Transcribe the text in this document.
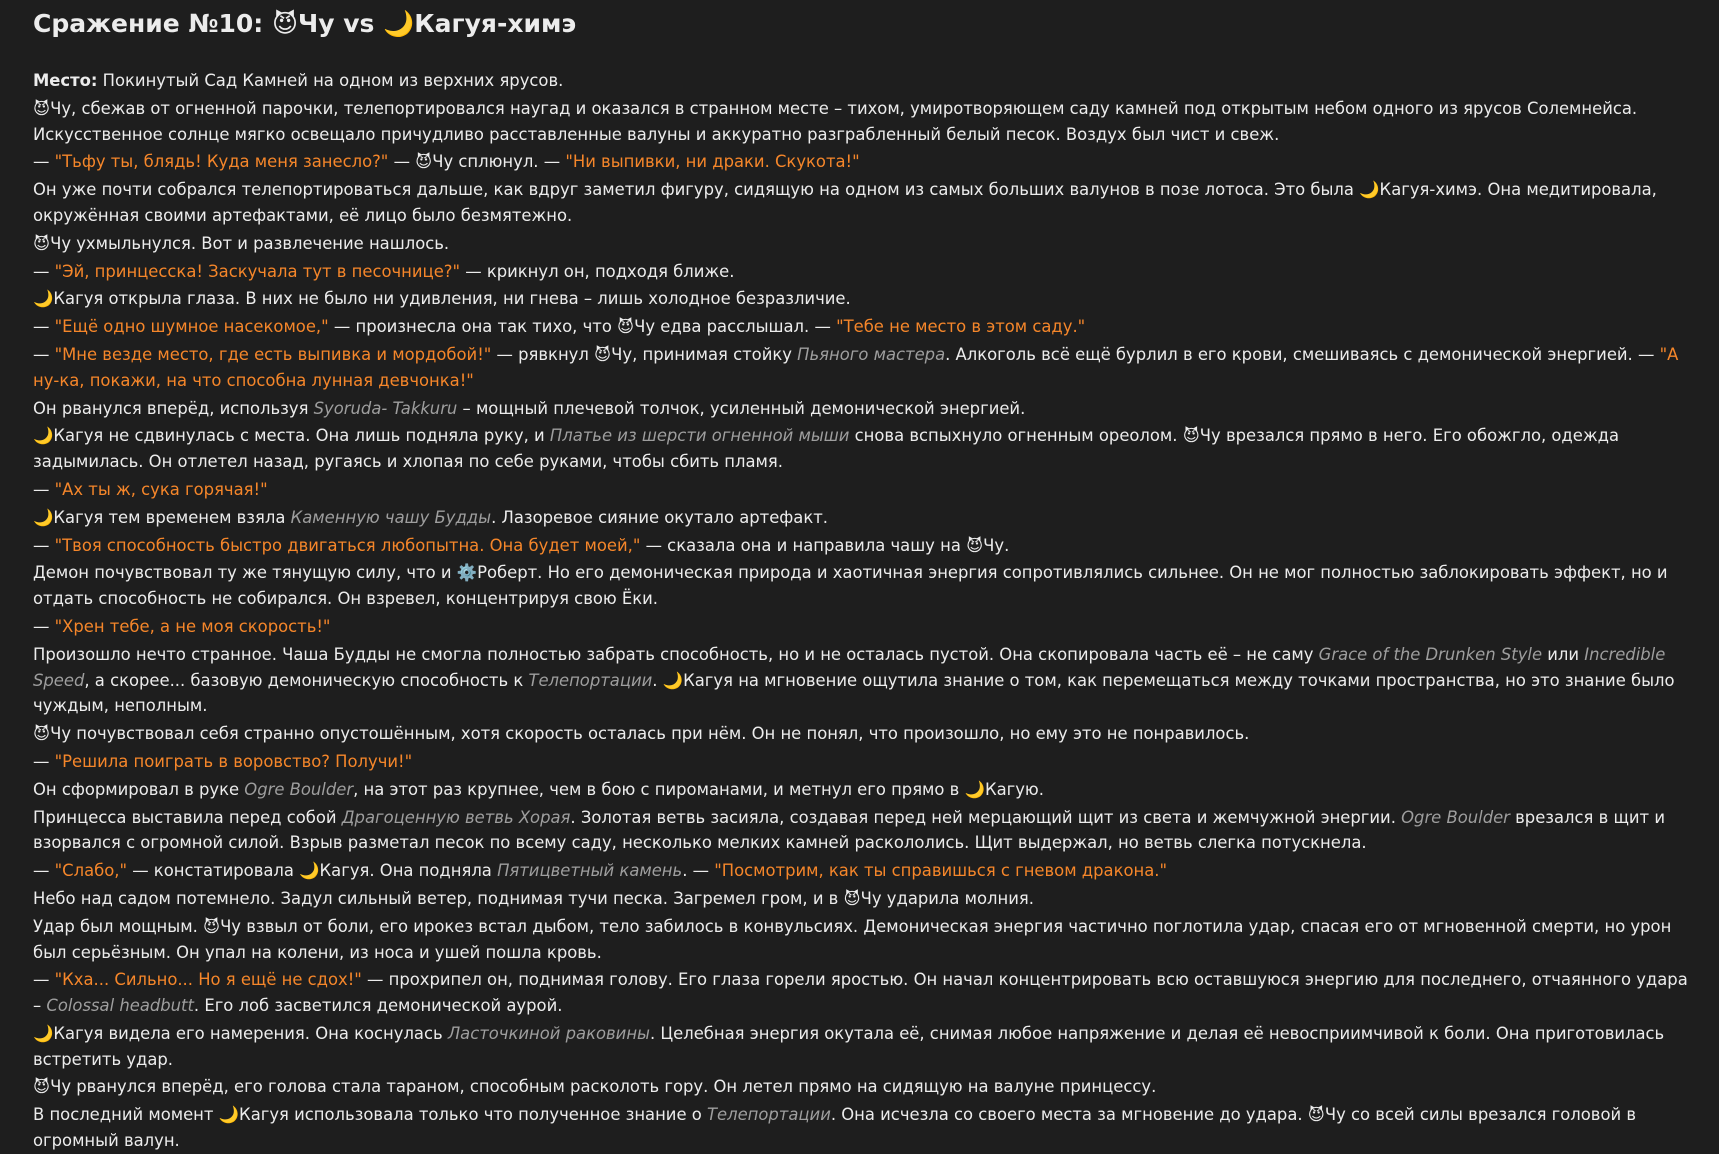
Сражение №10: 😈Чу vs 🌙Кагуя-химэ
Место: Покинутый Сад Камней на одном из верхних ярусов.
😈Чу, сбежав от огненной парочки, телепортировался наугад и оказался в странном месте – тихом, умиротворяющем саду камней под открытым небом одного из ярусов Солемнейса. Искусственное солнце мягко освещало причудливо расставленные валуны и аккуратно разграбленный белый песок. Воздух был чист и свеж.
— "Тьфу ты, блядь! Куда меня занесло?" — 😈Чу сплюнул. — "Ни выпивки, ни драки. Скукота!"
Он уже почти собрался телепортироваться дальше, как вдруг заметил фигуру, сидящую на одном из самых больших валунов в позе лотоса. Это была 🌙Кагуя-химэ. Она медитировала, окружённая своими артефактами, её лицо было безмятежно.
😈Чу ухмыльнулся. Вот и развлечение нашлось.
— "Эй, принцесска! Заскучала тут в песочнице?" — крикнул он, подходя ближе.
🌙Кагуя открыла глаза. В них не было ни удивления, ни гнева – лишь холодное безразличие.
— "Ещё одно шумное насекомое," — произнесла она так тихо, что 😈Чу едва расслышал. — "Тебе не место в этом саду."
— "Мне везде место, где есть выпивка и мордобой!" — рявкнул 😈Чу, принимая стойку Пьяного мастера. Алкоголь всё ещё бурлил в его крови, смешиваясь с демонической энергией. — "А ну-ка, покажи, на что способна лунная девчонка!"
Он рванулся вперёд, используя Syoruda- Takkuru – мощный плечевой толчок, усиленный демонической энергией.
🌙Кагуя не сдвинулась с места. Она лишь подняла руку, и Платье из шерсти огненной мыши снова вспыхнуло огненным ореолом. 😈Чу врезался прямо в него. Его обожгло, одежда задымилась. Он отлетел назад, ругаясь и хлопая по себе руками, чтобы сбить пламя.
— "Ах ты ж, сука горячая!"
🌙Кагуя тем временем взяла Каменную чашу Будды. Лазоревое сияние окутало артефакт.
— "Твоя способность быстро двигаться любопытна. Она будет моей," — сказала она и направила чашу на 😈Чу.
Демон почувствовал ту же тянущую силу, что и ⚙️Роберт. Но его демоническая природа и хаотичная энергия сопротивлялись сильнее. Он не мог полностью заблокировать эффект, но и отдать способность не собирался. Он взревел, концентрируя свою Ёки.
— "Хрен тебе, а не моя скорость!"
Произошло нечто странное. Чаша Будды не смогла полностью забрать способность, но и не осталась пустой. Она скопировала часть её – не саму Grace of the Drunken Style или Incredible Speed, а скорее... базовую демоническую способность к Телепортации. 🌙Кагуя на мгновение ощутила знание о том, как перемещаться между точками пространства, но это знание было чуждым, неполным.
😈Чу почувствовал себя странно опустошённым, хотя скорость осталась при нём. Он не понял, что произошло, но ему это не понравилось.
— "Решила поиграть в воровство? Получи!"
Он сформировал в руке Ogre Boulder, на этот раз крупнее, чем в бою с пироманами, и метнул его прямо в 🌙Кагую.
Принцесса выставила перед собой Драгоценную ветвь Хорая. Золотая ветвь засияла, создавая перед ней мерцающий щит из света и жемчужной энергии. Ogre Boulder врезался в щит и взорвался с огромной силой. Взрыв разметал песок по всему саду, несколько мелких камней раскололись. Щит выдержал, но ветвь слегка потускнела.
— "Слабо," — констатировала 🌙Кагуя. Она подняла Пятицветный камень. — "Посмотрим, как ты справишься с гневом дракона."
Небо над садом потемнело. Задул сильный ветер, поднимая тучи песка. Загремел гром, и в 😈Чу ударила молния.
Удар был мощным. 😈Чу взвыл от боли, его ирокез встал дыбом, тело забилось в конвульсиях. Демоническая энергия частично поглотила удар, спасая его от мгновенной смерти, но урон был серьёзным. Он упал на колени, из носа и ушей пошла кровь.
— "Кха... Сильно... Но я ещё не сдох!" — прохрипел он, поднимая голову. Его глаза горели яростью. Он начал концентрировать всю оставшуюся энергию для последнего, отчаянного удара – Colossal headbutt. Его лоб засветился демонической аурой.
🌙Кагуя видела его намерения. Она коснулась Ласточкиной раковины. Целебная энергия окутала её, снимая любое напряжение и делая её невосприимчивой к боли. Она приготовилась встретить удар.
😈Чу рванулся вперёд, его голова стала тараном, способным расколоть гору. Он летел прямо на сидящую на валуне принцессу.
В последний момент 🌙Кагуя использовала только что полученное знание о Телепортации. Она исчезла со своего места за мгновение до удара. 😈Чу со всей силы врезался головой в огромный валун.
